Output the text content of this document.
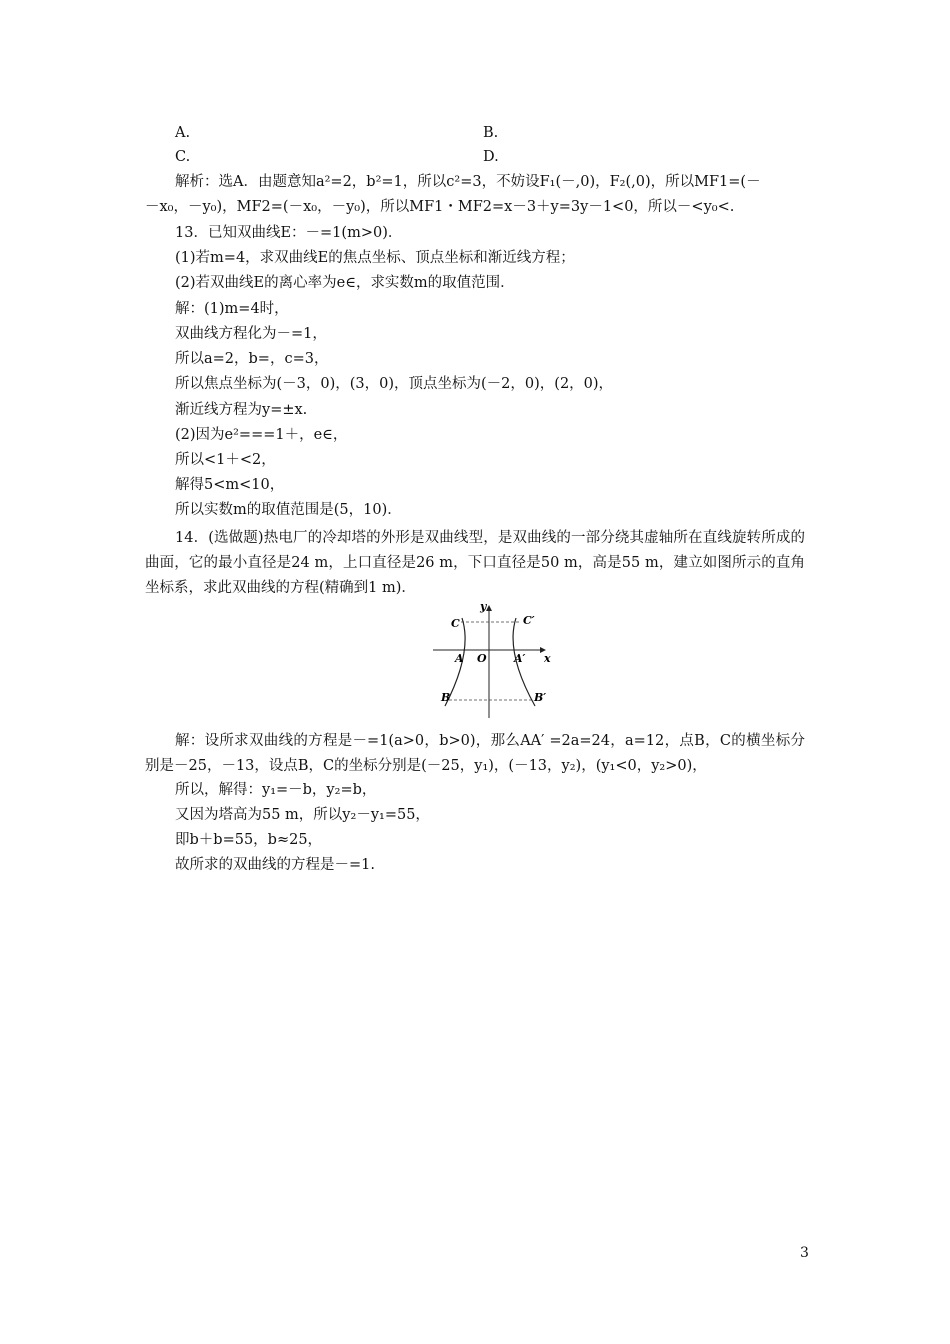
A.	B.
C.	D.
解析：选A．由题意知a²=2，b²=1，所以c²=3，不妨设F₁(－,0)，F₂(,0)，所以MF1=(－
－x₀，－y₀)，MF2=(－x₀，－y₀)，所以MF1・MF2=x－3＋y=3y－1<0，所以－<y₀<.
13．已知双曲线E：－=1(m>0)．
(1)若m=4，求双曲线E的焦点坐标、顶点坐标和渐近线方程；
(2)若双曲线E的离心率为e∈，求实数m的取值范围．
解：(1)m=4时，
双曲线方程化为－=1，
所以a=2，b=，c=3，
所以焦点坐标为(－3，0)，(3，0)，顶点坐标为(－2，0)，(2，0)，
渐近线方程为y=±x.
(2)因为e²===1＋，e∈，
所以<1＋<2，
解得5<m<10，
所以实数m的取值范围是(5，10)．
14．(选做题)热电厂的冷却塔的外形是双曲线型，是双曲线的一部分绕其虚轴所在直线旋转所成的曲面，它的最小直径是24 m，上口直径是26 m，下口直径是50 m，高是55 m，建立如图所示的直角坐标系，求此双曲线的方程(精确到1 m)．
y
x
C	C′
A O A′
B	B′
解：设所求双曲线的方程是－=1(a>0，b>0)，那么AA′ =2a=24，a=12，点B，C的横坐标分别是－25，－13，设点B，C的坐标分别是(－25，y₁)，(－13，y₂)，(y₁<0，y₂>0)，
所以，解得：y₁=－b，y₂=b，
又因为塔高为55 m，所以y₂－y₁=55，
即b＋b=55，b≈25，
故所求的双曲线的方程是－=1.
3
